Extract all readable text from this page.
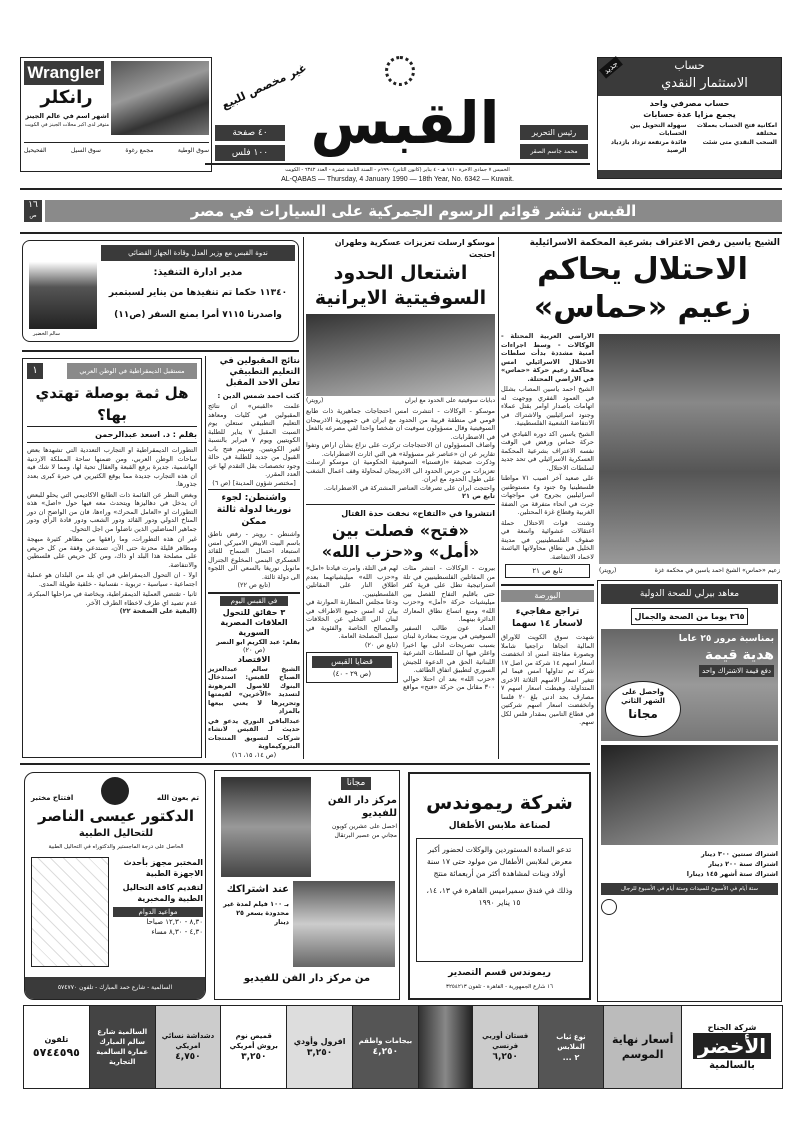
Wrangler
رانكلر
اشهر اسم في عالم الجينز
متوفر لدى اكبر محلات الجينز في الكويت
سوق الوطية
مجمع رغوة
سوق السيل
الفحيحيل
غير مخصص للبيع
٤٠ صفحة
١٠٠ فلس القبس	رئيس التحرير
محمد جاسم الصقر
الخميس ٧ جمادى الاخرة ١٤١٠ هـ - ٤ يناير (كانون الثاني) ١٩٩٠م - السنة الثامنة عشرة - العدد ٦٣٤٢ - الكويت
AL-QABAS — Thursday, 4 January 1990 — 18th Year, No. 6342 — Kuwait.
حساب
الاستثمار النقدي
جديد
حساب مصرفي واحد
يجمع مزايا عدة حسابات
امكانية فتح الحساب بعملات مختلفة
سهولة التحويل بين الحسابات
السحب النقدي متى شئت
فائدة مرتفعة تزداد بازدياد الرصيد
القبس تنشر قوائم الرسوم الجمركية على السيارات في مصر
١٦
ص
الشيخ ياسين رفض الاعتراف بشرعية المحكمة الاسرائيلية
الاحتلال يحاكم
زعيم «حماس»

الاراضي العربية المحتلة - الوكالات - وسط اجراءات امنية مشددة بدأت سلطات الاحتلال الاسرائيلي امس محاكمة زعيم حركة «حماس» في الاراضي المحتلة.

الشيخ احمد ياسين المصاب بشلل في العمود الفقري ووجهت له اتهامات باصدار اوامر بقتل عملاء وجنود اسرائيليين والاشتراك في الانتفاضة الشعبية الفلسطينية.

الشيخ ياسين اكد دوره القيادي في حركة حماس ورفض في الوقت نفسه الاعتراف بشرعية المحكمة العسكرية الاسرائيلي في تحد جديد لسلطات الاحتلال.

على صعيد آخر اصيب ٧١ مواطنا فلسطينيا و٥ جنود و٤ مستوطنين اسرائيليين بجروح في مواجهات جرت في انحاء متفرقة من الضفة الغربية وقطاع غزة المحتلين.

وشنت قوات الاحتلال حملة اعتقالات عشوائية واسعة في صفوف الفلسطينيين في مدينة الخليل في نطاق محاولاتها اليائسة لاخماد الانتفاضة.

تابع ص ٢١
البورصة
تراجع مفاجيء لاسعار ١٤ سهما

شهدت سوق الكويت للاوراق المالية اتجاها تراجعيا شاملا وبصورة مفاجئة امس اذ انخفضت اسعار اسهم ١٤ شركة من اصل ١٧ شركة تم تداولها امس فيما لم تتغير اسعار الاسهم الثلاثة الاخرى المتداولة. وهبطت اسعار اسهم ٧ مصارف بحد ادنى بلغ ٢٠ فلسا وانخفضت اسعار اسهم شركتين في قطاع التامين بمقدار فلس لكل سهم.

(رويتر)	زعيم «حماس» الشيخ احمد ياسين في محكمة غزة
موسكو ارسلت تعزيزات عسكرية وطهران احتجت
اشتعال الحدود
السوفيتية الايرانية
(رويتر)	دبابات سوفيتية على الحدود مع ايران

موسكو - الوكالات - انتشرت امس احتجاجات جماهيرية ذات طابع قومي في منطقة قريبة من الحدود مع ايران في جمهورية الاذربيجان السوفيتية وقال مسؤولون سوفيت ان شخصا واحدا لقي مصرعه بالفعل في الاضطرابات.

واضاف المسؤولون ان الاحتجاجات تركزت على نزاع بشأن اراض وتفوا تقارير عن ان «عناصر غير مسؤولة» هي التي اثارت الاضطرابات.

وذكرت صحيفة «ازفستيا» السوفيتية الحكومية ان موسكو ارسلت تعزيزات من حرس الحدود الى الاذربيجان لمحاولة وقف اعمال الشغب على طول الحدود مع ايران.

واحتجت ايران على تصرفات العناصر المشتركة في الاضطرابات.

تابع ص ٢١

انتشروا في «التفاح» نخفت حدة القتال
«فتح» فصلت بين
«أمل» و«حزب الله»

بيروت - الوكالات - انتشر مئات من المقاتلين الفلسطينيين في تلة استراتيجية تطل على قرية كفر حتى باقليم التفاح للفصل بين ميليشيات حركة «أمل» و«حزب الله» ومنع اتساع نطاق المعارك الدائرة بينهما.

العماد عون طالب السفير السوفيتي في بيروت بمغادرة لبنان بسبب تصريحات ادلى بها اخيرا واعلن فيها ان للسلطات الشرعية اللبنانية الحق في الدعوة للجيش السوري لتطبيق اتفاق الطائف.

«حزب الله» بعد ان احتلا حوالي ٣٠٠ مقاتل من حركة «فتح» مواقع لهم في التلة، وامرت قيادتا «امل» و«حزب الله» ميليشياتهما بعدم اطلاق النار على المقاتلين الفلسطينيين.

ودعا مجلس المطارنة الموارنة في بيان له امس جميع الاطراف في لبنان الى التخلي عن الخلافات والمصالح الخاصة والفئوية في سبيل المصلحة العامة.

(تابع ص ٢٠)

قضايا القبس
(ص ٢٩ - ٤٠)
ندوة القبس مع وزير العدل وقادة الجهاز القضائي
سالم الخضير
مدير ادارة التنفيذ:
١١٣٤٠ حكما تم تنفيذها من يناير لسبتمبر
واصدرنا ٧١١٥ أمرا بمنع السفر (ص١١)
١	مستقبل الديمقراطية في الوطن العربي
هل ثمة بوصلة تهتدي بها؟
بقلم : د. اسعد عبدالرحمن

التطورات الديمقراطية او التجارب التعددية التي تشهدها بعض ساحات الوطن العربي، ومن ضمنها ساحة المملكة الاردنية الهاشمية، جديرة برفع القبعة والعقال تحية لها، ومما لا شك فيه ان هذه التجارب جديدة مما يوقع الكثيرين في حيرة كبرى بعدد جذورها.

وبغض النظر عن القائمة ذات الطابع الاكاديمي التي يحلو للبعض ان يدخل في دهاليزها ويتحدث معه فيها حول «اصل» هذه التطورات او «العامل المحرك» وراءها، فان من الواضح ان دور المناخ الدولي ودور القائد ودور الشعب ودور قادة الرأي ودور جماهير المناضلين الذين ناضلوا من اجل التحول.

غير ان هذه التطورات، وما رافقها من مظاهر كثيرة مبهجة ومظاهر قليلة محزنة حتى الآن، تستدعي وقفة من كل حريص على مصلحة هذا البلد او ذاك، ومن كل حريص على فلسطين والانتفاضة.

اولا - ان التحول الديمقراطي في اي بلد من البلدان هو عملية اجتماعية - سياسية - تربوية - نفسانية - خلقية طويلة المدى.

ثانيا - تقتضي العملية الديمقراطية، وبخاصة في مراحلها المبكرة، عدم تصيد اي طرف لاخطاء الطرف الآخر.

(البقية على الصفحة ٢٢)

نتائج المقبولين في التعليم التطبيقي تعلن الاحد المقبل
كتب احمد شمس الدين :

علمت «القبس» ان نتائج المقبولين في كليات ومعاهد التعليم التطبيقي ستعلن يوم السبت المقبل ٧ يناير للطلبة الكويتيين ويوم ٧ فبراير بالنسبة لغير الكويتيين. وسيتم فتح باب القبول من جديد للطلبة في حالة وجود تخصصات بقل التقدم لها عن العدد المقرر.

[مختصر شؤون المدينة] (ص ٦)

واشنطن: لجوء نوريغا لدولة ثالثة ممكن

واشنطن - رويتر - رفض ناطق باسم البيت الابيض الاميركي امس استبعاد احتمال السماح للقائد العسكري البنمي المخلوع الجنرال مانويل نوريغا بالسعي الى اللجوء الى دولة ثالثة.

(تابع ص ٢٢)

في القبس اليوم
٣ حقائق للتحول العلاقات المصرية السورية
بقلم: عبد الكريم ابو النصر
(ص ٢٠)
الاقتصاد

الشيخ سالم عبدالعزيز الصباح للقبس: استدخال البنوك للاصول المرهونة لتسديد «الآخرين» لقيمتها وتحريرها لا يعني بيعها بالمزاد

عبدالباقي النوري يدعو في حديث لـ القبس لانشاء شركات لتسويق المنتجات البتروكيماوية

(ص ١٤، ١٥، ١٦)
معاهد بيرلي للصحة الدولية
٣٦٥ يوما من الصحة والجمال
بمناسبة مرور ٢٥ عاما
هدية قيمة
دفع قيمة الاشتراك واحد
واحصل على
الشهر الثاني
مجانا
اشتراك سنتين ٣٠٠ دينار
اشتراك سنة ٢٠٠ دينار
اشتراك ستة أشهر ١٤٥ دينارا
ستة أيام في الأسبوع للسيدات وستة أيام في الأسبوع للرجال
تم بعون الله
افتتاح مختبر
الدكتور عيسى الناصر
للتحاليل الطبية
الحاصل على درجة الماجستير والدكتوراه في التحاليل الطبية
المختبر مجهز بأحدث الاجهزة الطبية
لتقديم كافة التحاليل الطبية والمخبرية
مواعيد الدوام
٨,٣٠ - ١٢,٣٠ صباحا
٤,٣٠ - ٨,٣٠ مساء
السالمية - شارع حمد المبارك - تلفون ٥٧٤٧٧٠
مجانا
مركز دار الفن للفيديو
احصل على عشرين كوبون مجاني من عصير البرتقال
عند اشتراكك
بـ ١٠٠ فيلم لمدة غير محدودة بسعر ٢٥ دينار
من مركز دار الفن للفيديو
شركة ريموندس
لصناعة ملابس الأطفال
تدعو السادة المستوردين والوكلات لحضور أكبر معرض لملابس الأطفال من مولود حتى ١٧ سنة أولاد وبنات لمشاهدة أكثر من أربعمائة منتج
وذلك في فندق سميراميس القاهرة في ١٣، ١٤، ١٥ يناير ١٩٩٠
ريموندس قسم التصدير
١٦ شارع الجمهورية - القاهرة - تلفون ٣٢٥٤٢١٣
شركة الجناح
الأخضر
بالسالمية
أسعار نهاية الموسم
نوع ثياب الملابس
٢ ...
فستان أوربي فرنسي
٦,٢٥٠
بيجامات واطقم
٤,٢٥٠
افرول وأودي
٣,٢٥٠
قميص نوم بروش أمريكي
٣,٢٥٠
دشداشة نسائي امريكي
٤,٧٥٠
السالمية شارع سالم المبارك عمارة السالمية التجارية
تلفون
٥٧٤٤٥٩٥
